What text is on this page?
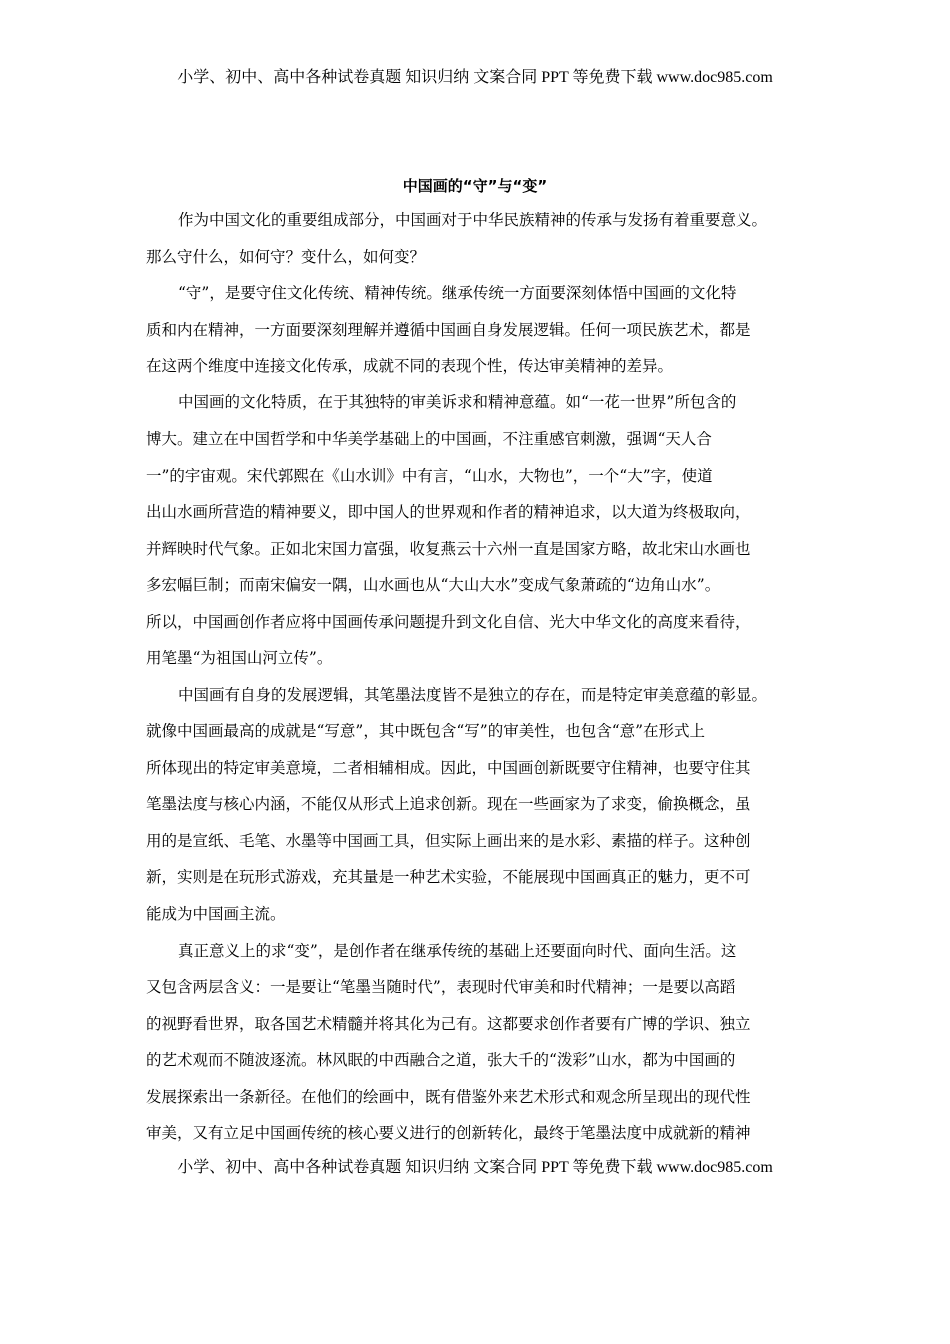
小学、初中、高中各种试卷真题 知识归纳 文案合同 PPT 等免费下载 www.doc985.com
中国画的“守”与“变”
作为中国文化的重要组成部分，中国画对于中华民族精神的传承与发扬有着重要意义。
那么守什么，如何守？变什么，如何变？
“守”，是要守住文化传统、精神传统。继承传统一方面要深刻体悟中国画的文化特
质和内在精神，一方面要深刻理解并遵循中国画自身发展逻辑。任何一项民族艺术，都是
在这两个维度中连接文化传承，成就不同的表现个性，传达审美精神的差异。
中国画的文化特质，在于其独特的审美诉求和精神意蕴。如“一花一世界”所包含的
博大。建立在中国哲学和中华美学基础上的中国画，不注重感官刺激，强调“天人合
一”的宇宙观。宋代郭熙在《山水训》中有言，“山水，大物也”，一个“大”字，使道
出山水画所营造的精神要义，即中国人的世界观和作者的精神追求，以大道为终极取向，
并辉映时代气象。正如北宋国力富强，收复燕云十六州一直是国家方略，故北宋山水画也
多宏幅巨制；而南宋偏安一隅，山水画也从“大山大水”变成气象萧疏的“边角山水”。
所以，中国画创作者应将中国画传承问题提升到文化自信、光大中华文化的高度来看待，
用笔墨“为祖国山河立传”。
中国画有自身的发展逻辑，其笔墨法度皆不是独立的存在，而是特定审美意蕴的彰显。
就像中国画最高的成就是“写意”，其中既包含“写”的审美性，也包含“意”在形式上
所体现出的特定审美意境，二者相辅相成。因此，中国画创新既要守住精神，也要守住其
笔墨法度与核心内涵，不能仅从形式上追求创新。现在一些画家为了求变，偷换概念，虽
用的是宣纸、毛笔、水墨等中国画工具，但实际上画出来的是水彩、素描的样子。这种创
新，实则是在玩形式游戏，充其量是一种艺术实验，不能展现中国画真正的魅力，更不可
能成为中国画主流。
真正意义上的求“变”，是创作者在继承传统的基础上还要面向时代、面向生活。这
又包含两层含义：一是要让“笔墨当随时代”，表现时代审美和时代精神；一是要以高蹈
的视野看世界，取各国艺术精髓并将其化为己有。这都要求创作者要有广博的学识、独立
的艺术观而不随波逐流。林风眠的中西融合之道，张大千的“泼彩”山水，都为中国画的
发展探索出一条新径。在他们的绘画中，既有借鉴外来艺术形式和观念所呈现出的现代性
审美，又有立足中国画传统的核心要义进行的创新转化，最终于笔墨法度中成就新的精神
小学、初中、高中各种试卷真题 知识归纳 文案合同 PPT 等免费下载 www.doc985.com
